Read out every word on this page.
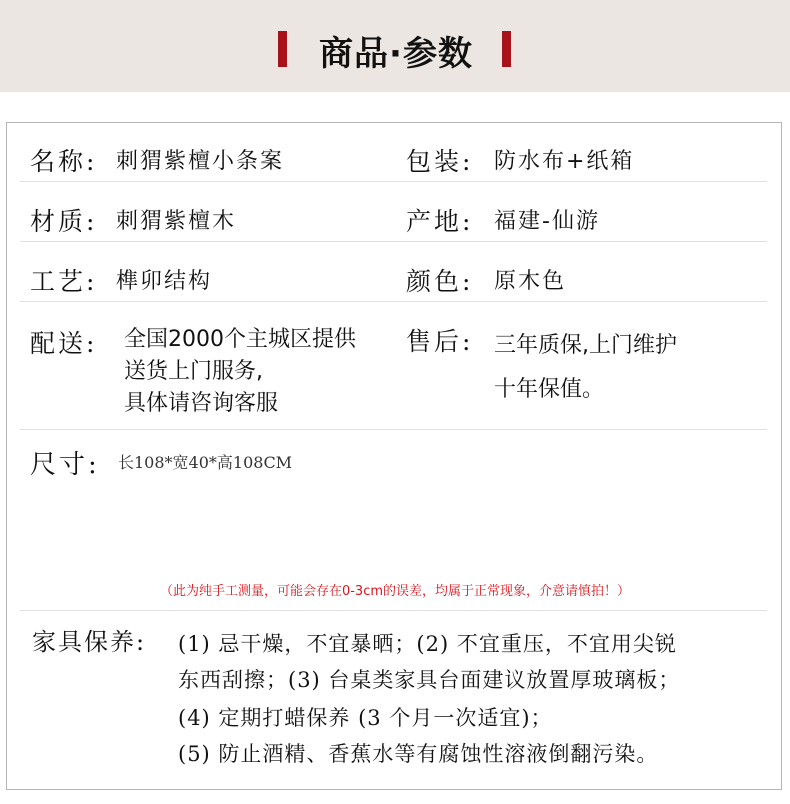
商品·参数
名称: 刺猬紫檀小条案	包装: 防水布+纸箱
材质: 刺猬紫檀木	产地: 福建-仙游
工艺: 榫卯结构	颜色: 原木色
配送: 全国2000个主城区提供
送货上门服务,
具体请咨询客服
售后: 三年质保,上门维护
十年保值。
尺寸: 长108*宽40*高108CM
（此为纯手工测量，可能会存在0-3cm的误差，均属于正常现象，介意请慎拍！）
家具保养: (1) 忌干燥，不宜暴晒；(2) 不宜重压，不宜用尖锐
东西刮擦；(3) 台桌类家具台面建议放置厚玻璃板；
(4) 定期打蜡保养 (3 个月一次适宜)；
(5) 防止酒精、香蕉水等有腐蚀性溶液倒翻污染。
